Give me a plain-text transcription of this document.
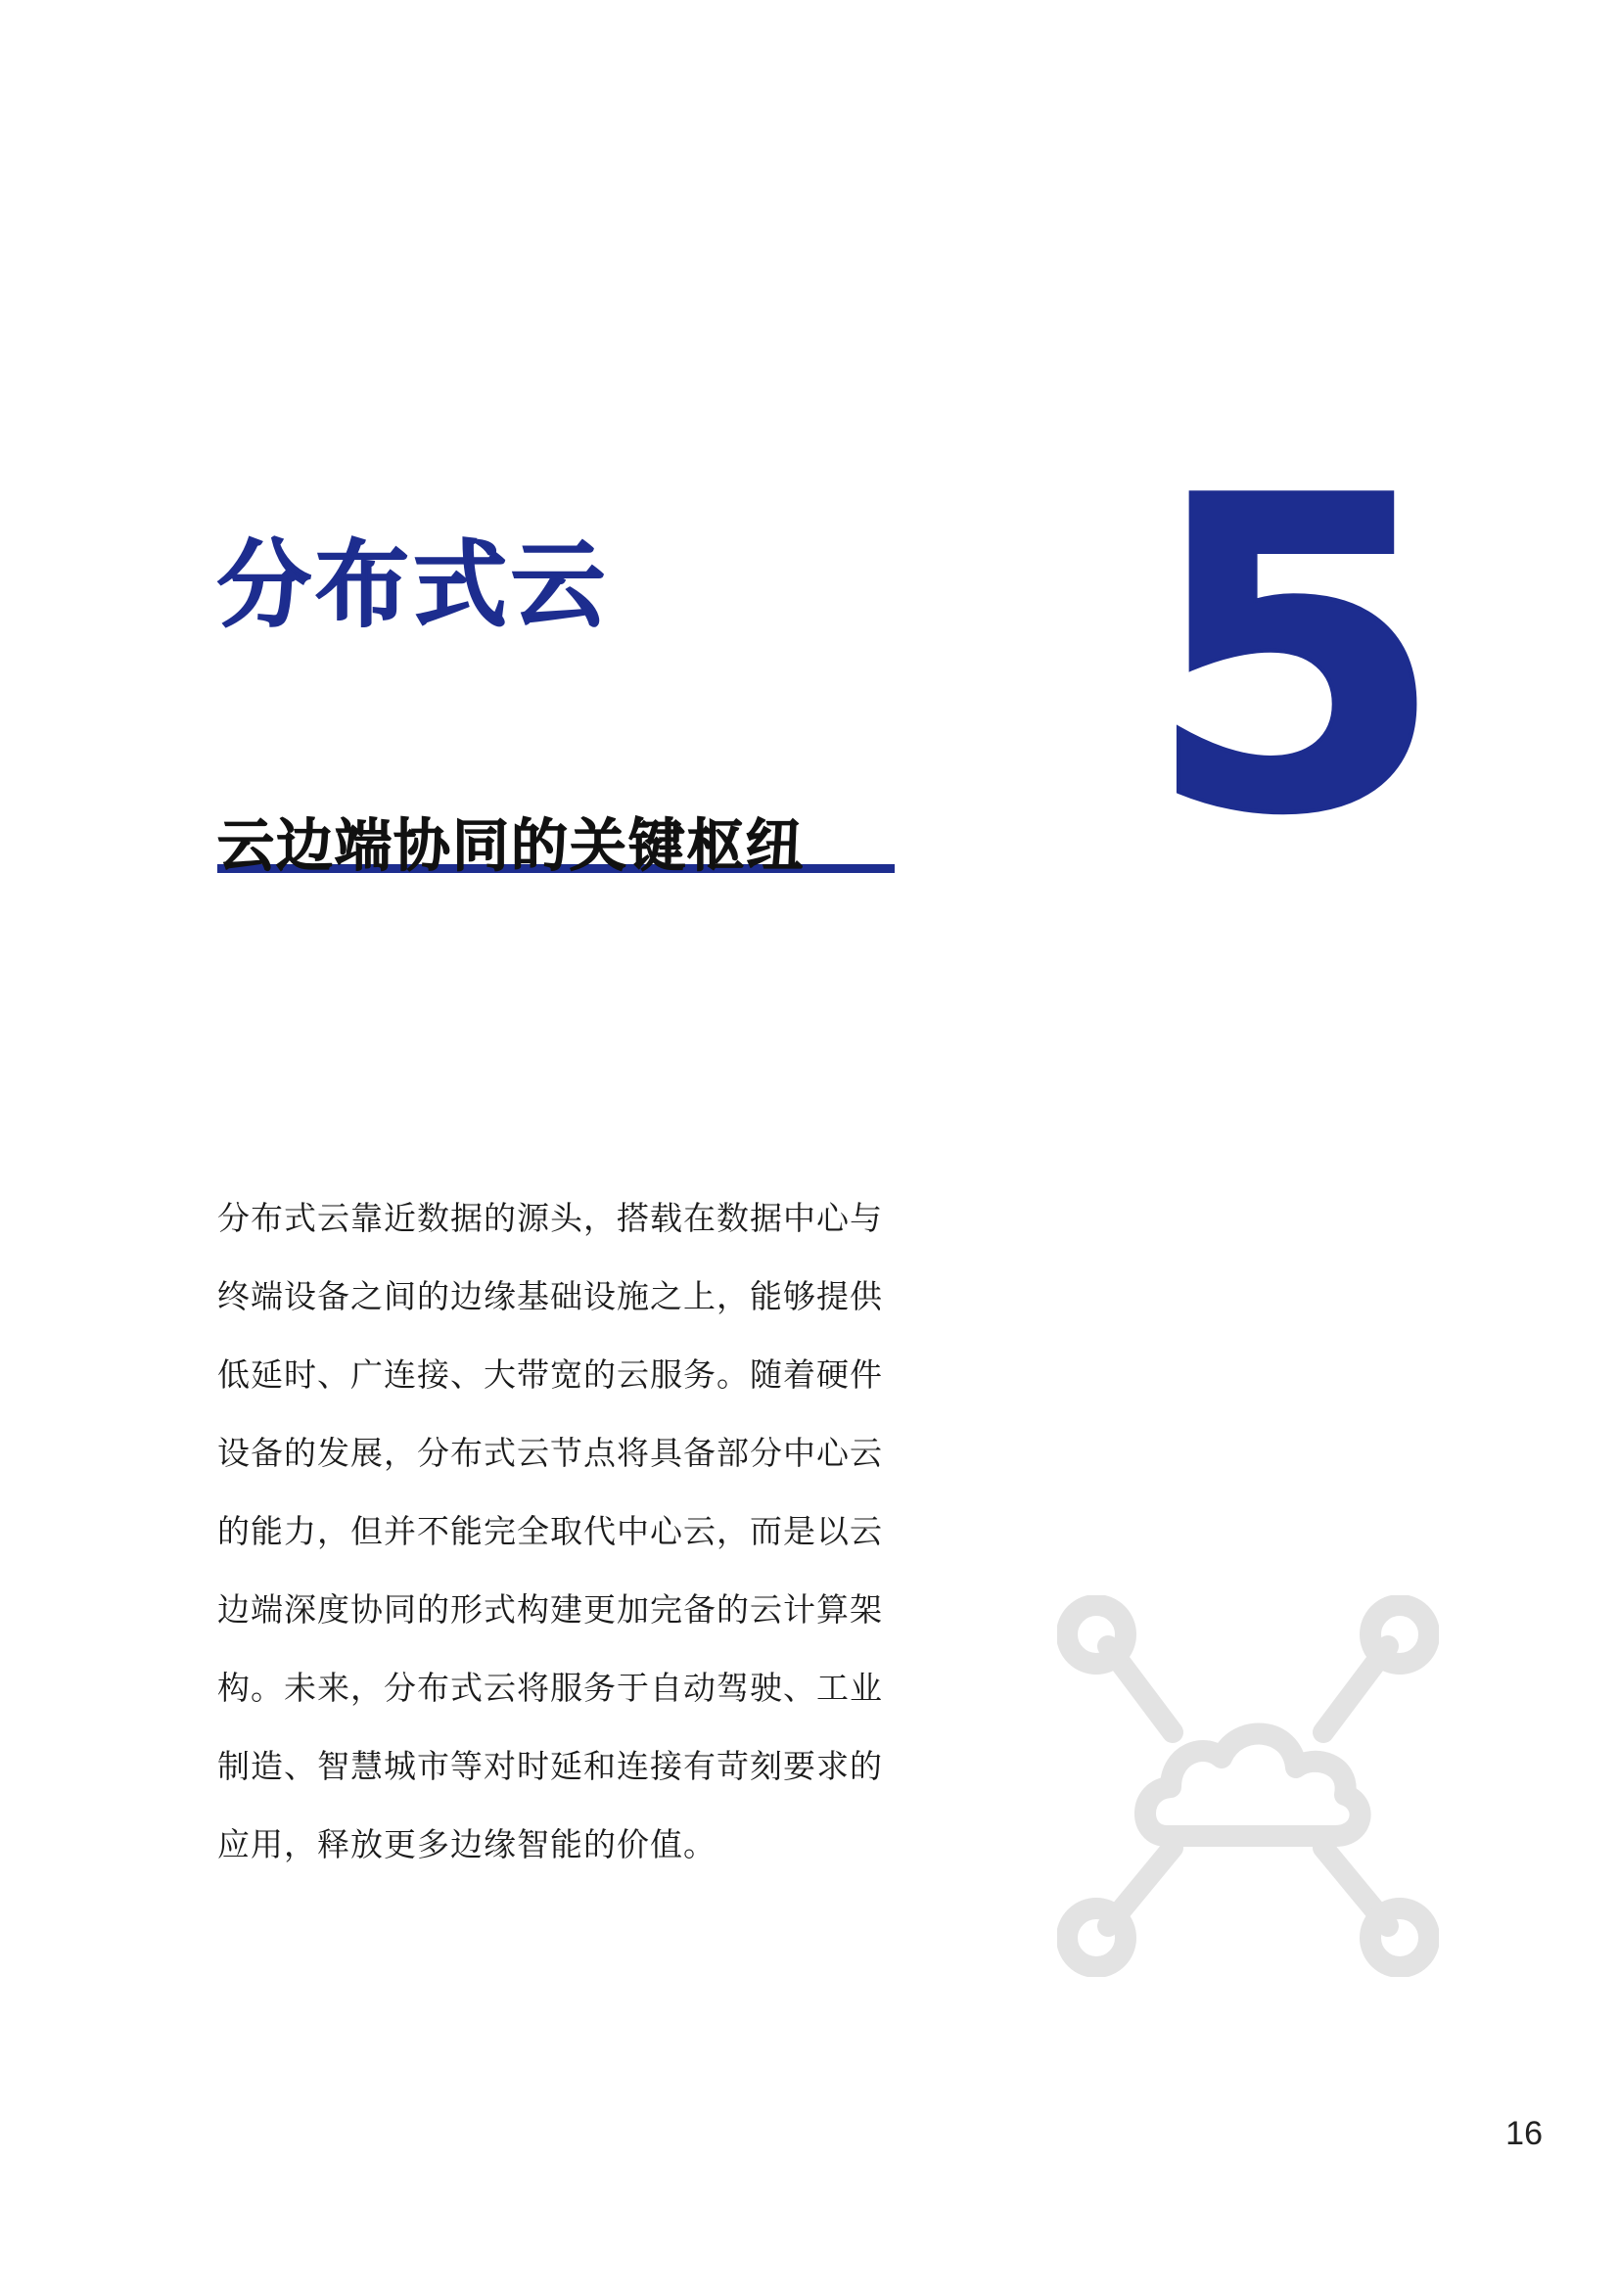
分布式云 5
云边端协同的关键枢纽

分布式云靠近数据的源头，搭载在数据中心与
终端设备之间的边缘基础设施之上，能够提供
低延时、广连接、大带宽的云服务。随着硬件
设备的发展，分布式云节点将具备部分中心云
的能力，但并不能完全取代中心云，而是以云
边端深度协同的形式构建更加完备的云计算架
构。未来，分布式云将服务于自动驾驶、工业
制造、智慧城市等对时延和连接有苛刻要求的
应用，释放更多边缘智能的价值。

16
